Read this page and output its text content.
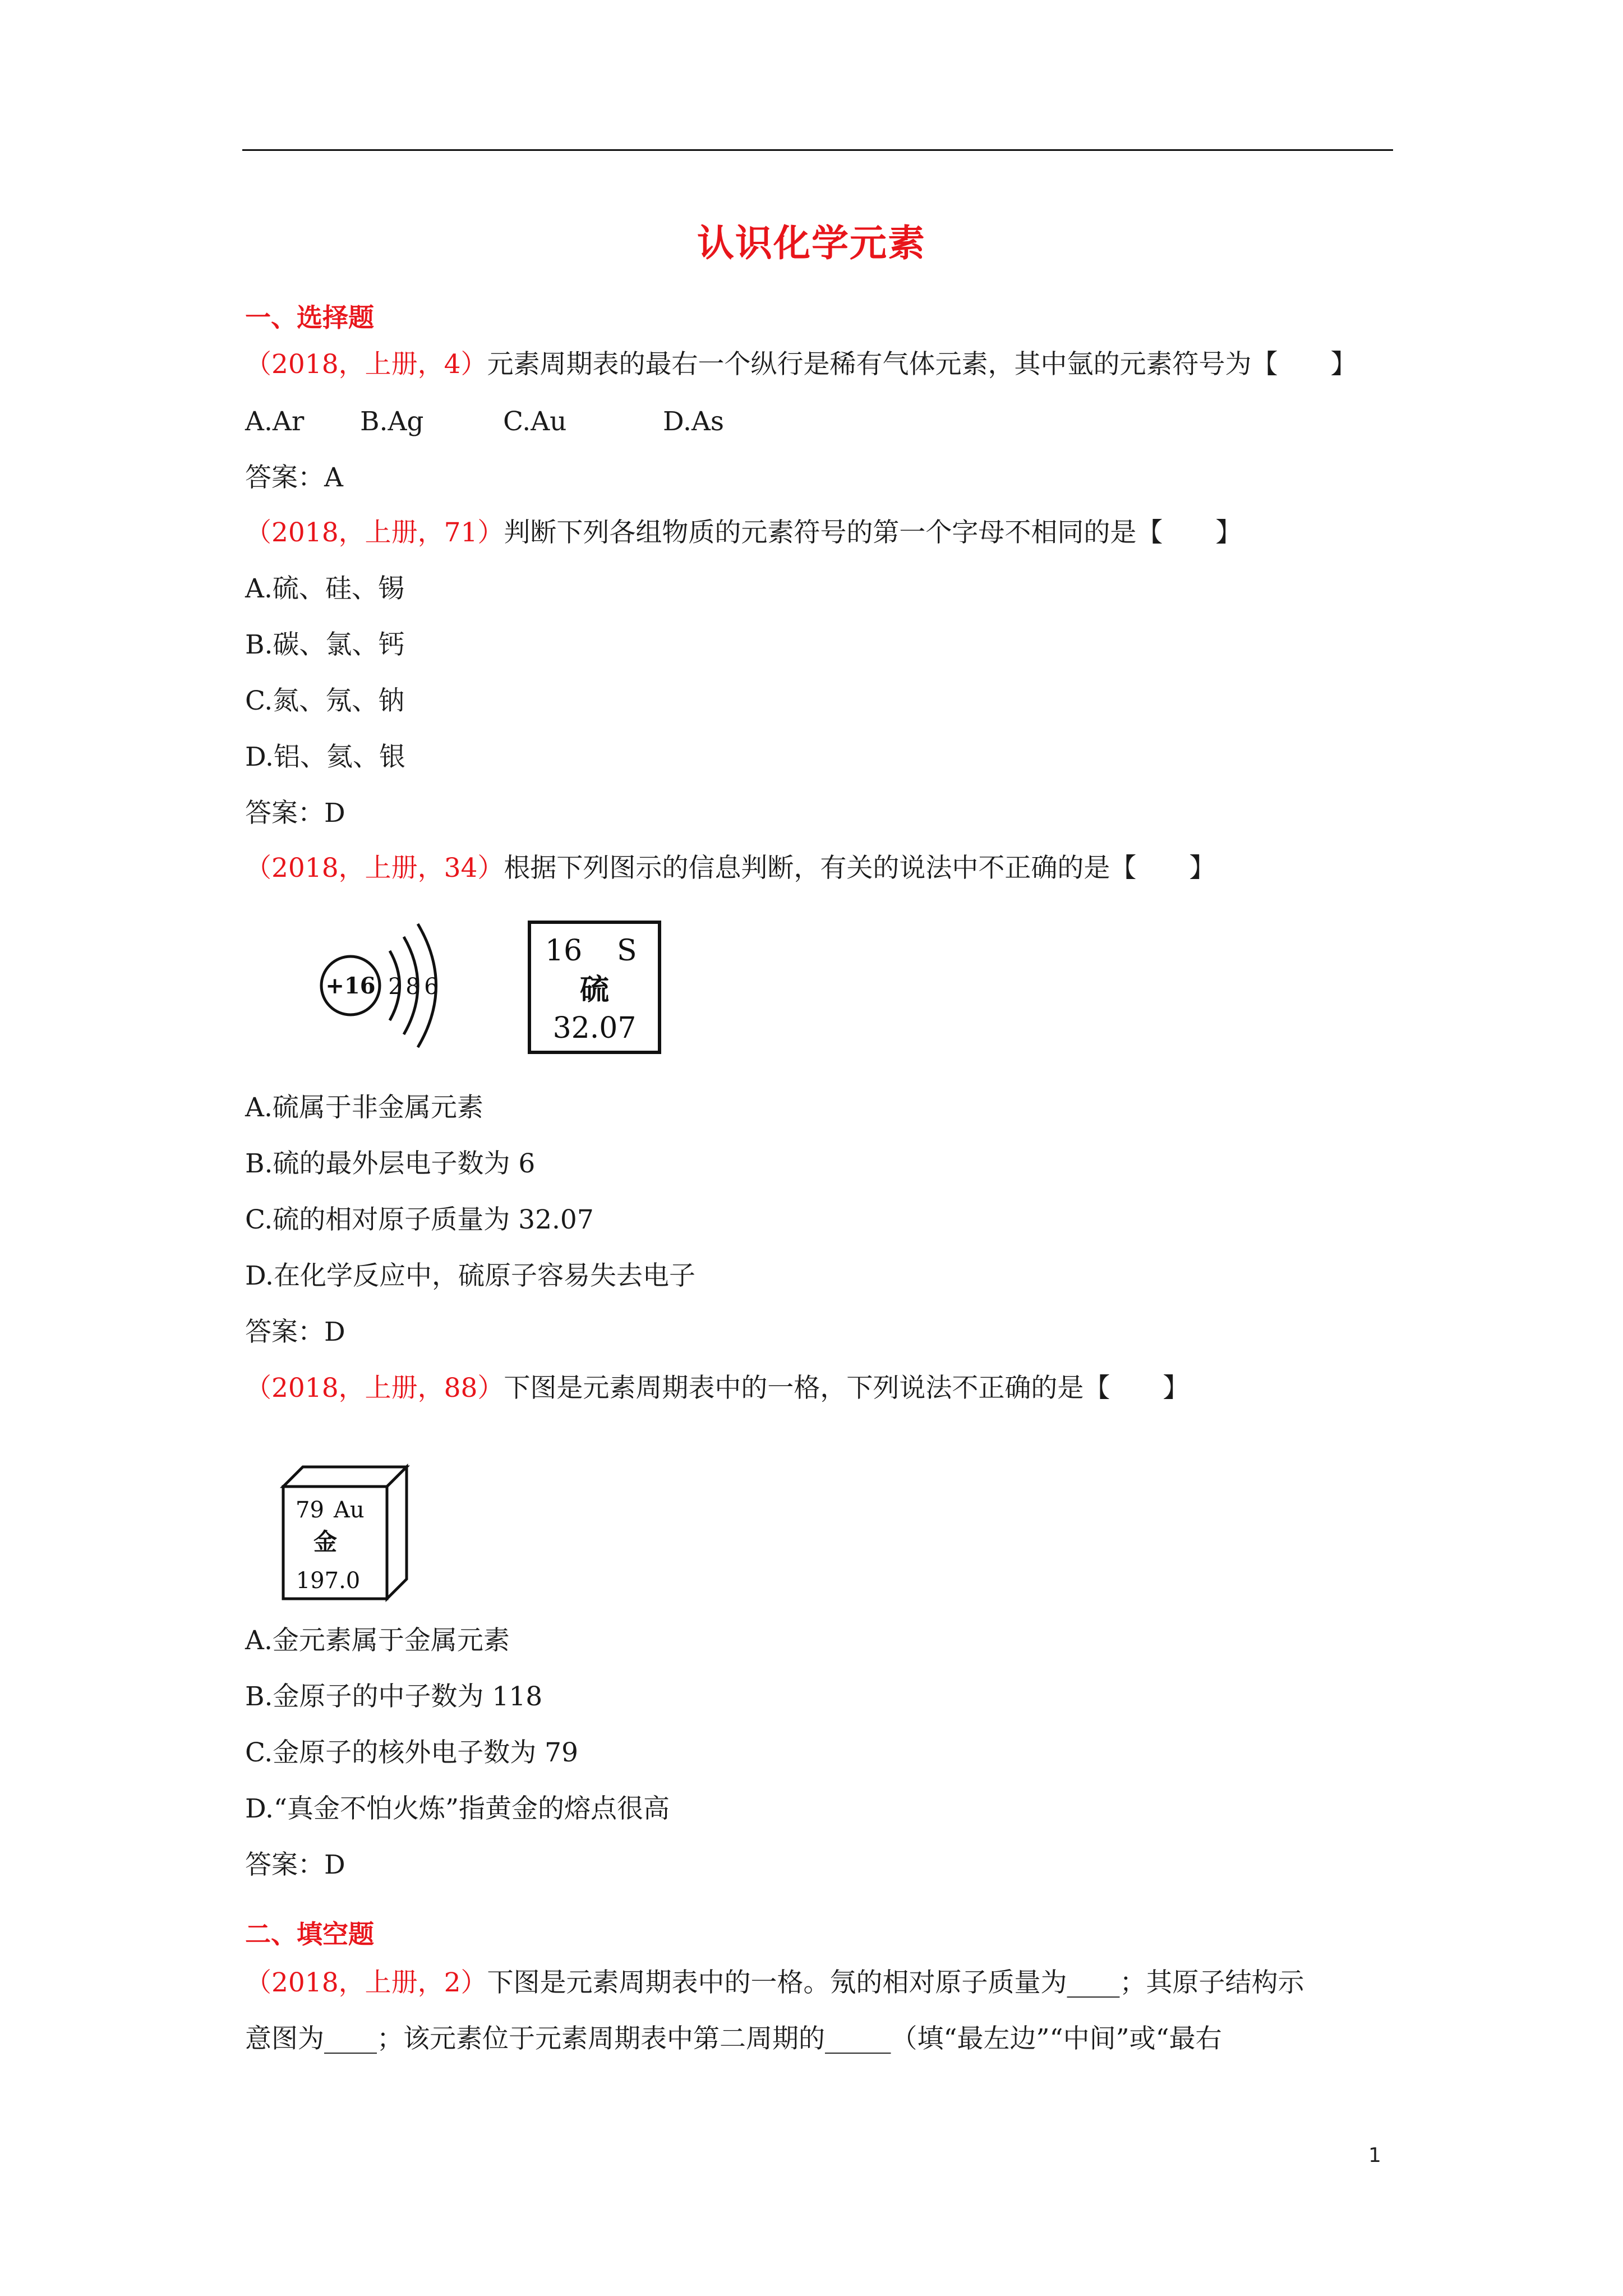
认识化学元素
一、选择题
（2018，上册，4）元素周期表的最右一个纵行是稀有气体元素，其中氩的元素符号为【　　】
A.Ar B.Ag	C.Au	D.As
答案：A
（2018，上册，71）判断下列各组物质的元素符号的第一个字母不相同的是【　　】
A.硫、硅、锡
B.碳、氯、钙
C.氮、氖、钠
D.铝、氦、银
答案：D
（2018，上册，34）根据下列图示的信息判断，有关的说法中不正确的是【　　】
+16 2 8 6
16 S
硫
32.07
A.硫属于非金属元素
B.硫的最外层电子数为 6
C.硫的相对原子质量为 32.07
D.在化学反应中，硫原子容易失去电子
答案：D
（2018，上册，88）下图是元素周期表中的一格，下列说法不正确的是【　　】
79 Au
金
197.0
A.金元素属于金属元素
B.金原子的中子数为 118
C.金原子的核外电子数为 79
D.“真金不怕火炼”指黄金的熔点很高
答案：D
二、填空题
（2018，上册，2）下图是元素周期表中的一格。氖的相对原子质量为____；其原子结构示
意图为____；该元素位于元素周期表中第二周期的_____（填“最左边”“中间”或“最右
1
